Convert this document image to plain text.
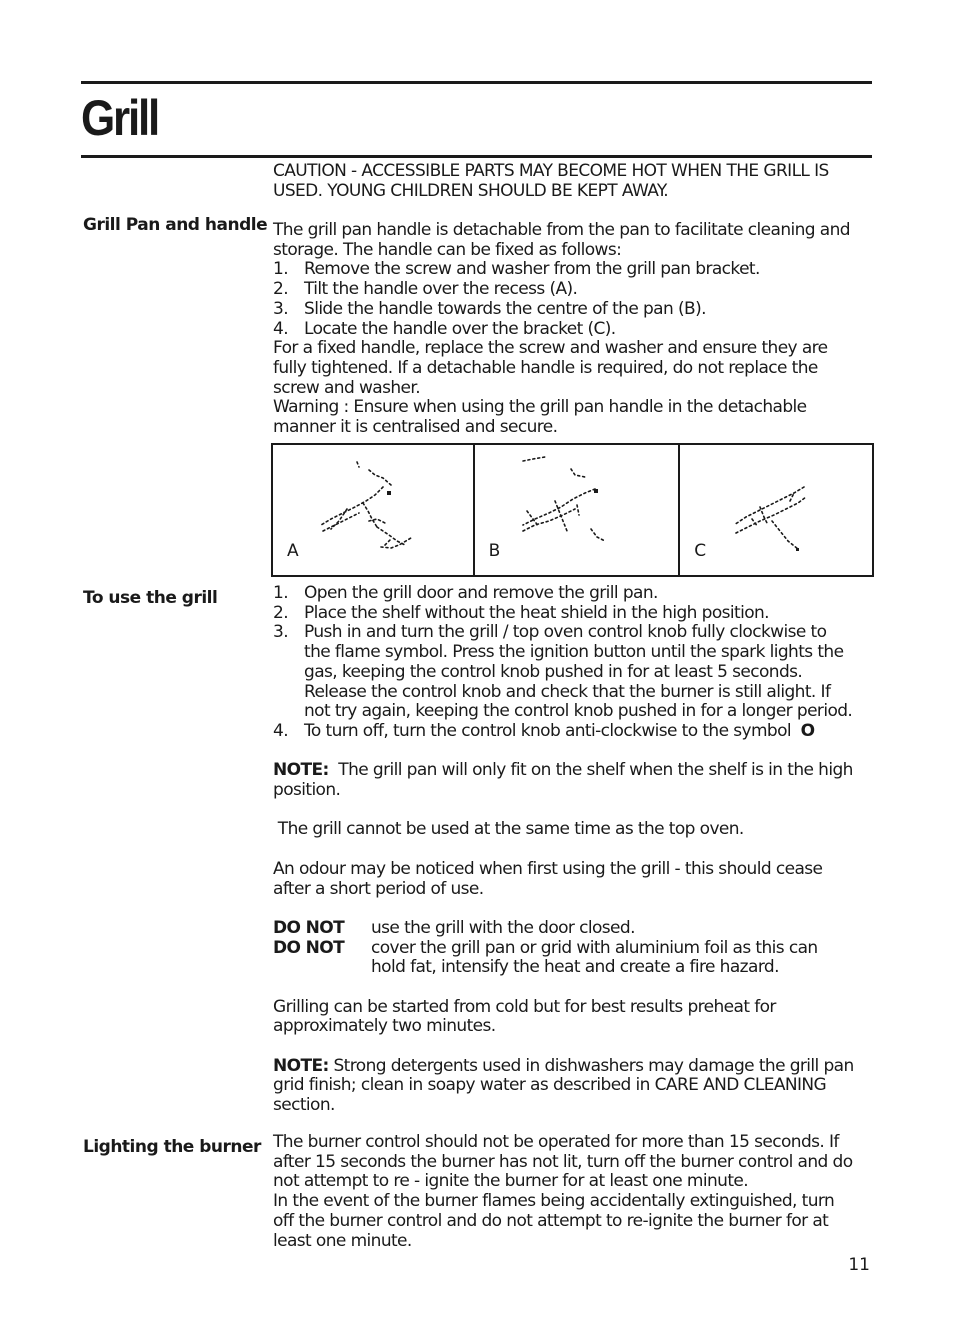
Grill

CAUTION - ACCESSIBLE PARTS MAY BECOME HOT WHEN THE GRILL IS

USED. YOUNG CHILDREN SHOULD BE KEPT AWAY.

Grill Pan and handle The grill pan handle is detachable from the pan to facilitate cleaning and

storage. The handle can be fixed as follows:

1. Remove the screw and washer from the grill pan bracket.
2. Tilt the handle over the recess (A).
3. Slide the handle towards the centre of the pan (B).
4. Locate the handle over the bracket (C).

For a fixed handle, replace the screw and washer and ensure they are

fully tightened. If a detachable handle is required, do not replace the

screw and washer.

Warning : Ensure when using the grill pan handle in the detachable

manner it is centralised and secure.

A	B	C
To use the grill	1. Open the grill door and remove the grill pan.

2. Place the shelf without the heat shield in the high position.

3. Push in and turn the grill / top oven control knob fully clockwise to

the flame symbol. Press the ignition button until the spark lights the

gas, keeping the control knob pushed in for at least 5 seconds.

Release the control knob and check that the burner is still alight. If

not try again, keeping the control knob pushed in for a longer period.

4. To turn off, turn the control knob anti-clockwise to the symbol  O

NOTE:  The grill pan will only fit on the shelf when the shelf is in the high

position.

The grill cannot be used at the same time as the top oven.

An odour may be noticed when first using the grill - this should cease

after a short period of use.

DO NOT	use the grill with the door closed.

DO NOT	cover the grill pan or grid with aluminium foil as this can

hold fat, intensify the heat and create a fire hazard.

Grilling can be started from cold but for best results preheat for

approximately two minutes.

NOTE: Strong detergents used in dishwashers may damage the grill pan

grid finish; clean in soapy water as described in CARE AND CLEANING

section.

Lighting the burner The burner control should not be operated for more than 15 seconds. If

after 15 seconds the burner has not lit, turn off the burner control and do

not attempt to re - ignite the burner for at least one minute.

In the event of the burner flames being accidentally extinguished, turn

off the burner control and do not attempt to re-ignite the burner for at

least one minute.

11
